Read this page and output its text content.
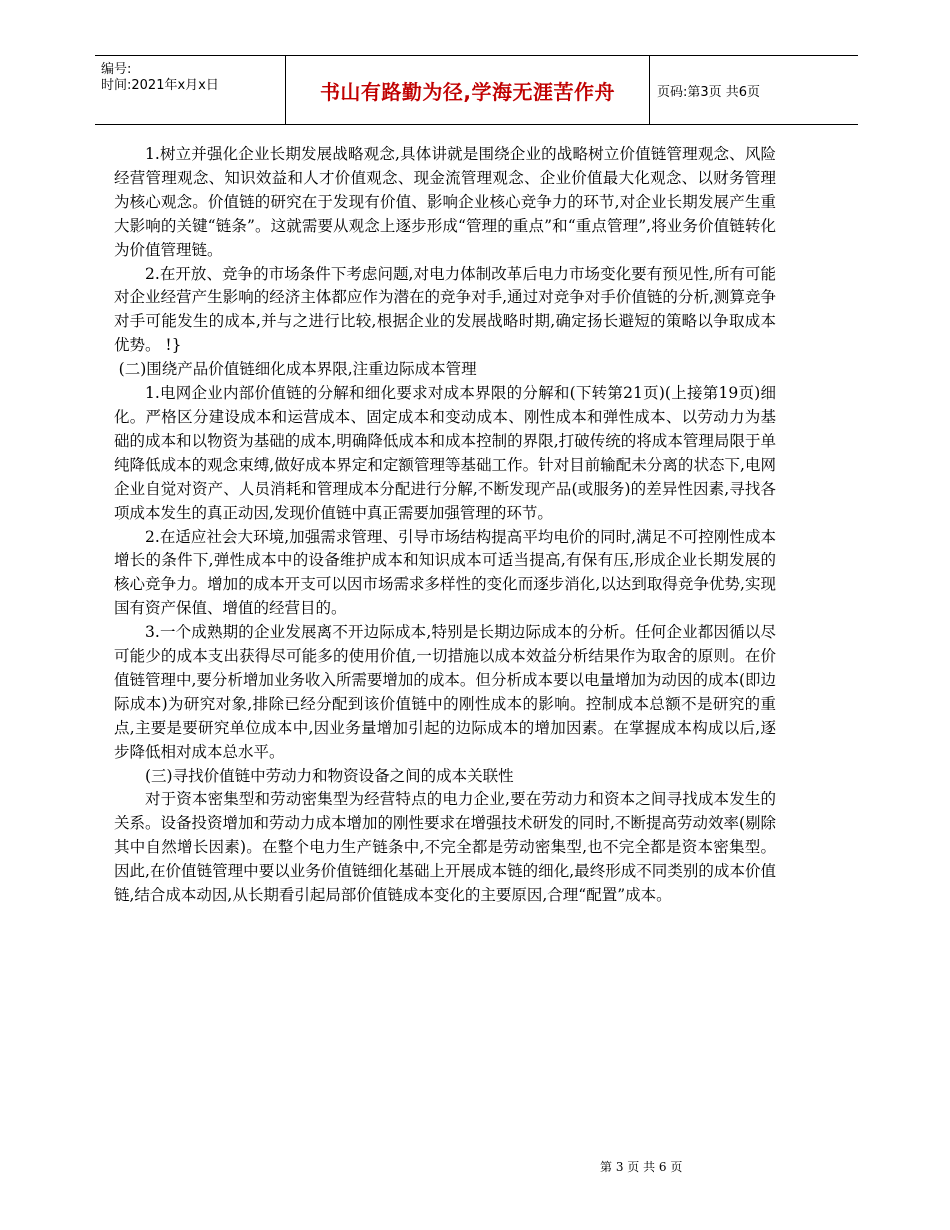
编号:
时间:2021年x月x日	书山有路勤为径,学海无涯苦作舟	页码:第3页 共6页

1.树立并强化企业长期发展战略观念,具体讲就是围绕企业的战略树立价值链管理观念、风险经营管理观念、知识效益和人才价值观念、现金流管理观念、企业价值最大化观念、以财务管理为核心观念。价值链的研究在于发现有价值、影响企业核心竞争力的环节,对企业长期发展产生重大影响的关键“链条”。这就需要从观念上逐步形成“管理的重点”和“重点管理”,将业务价值链转化为价值管理链。

2.在开放、竞争的市场条件下考虑问题,对电力体制改革后电力市场变化要有预见性,所有可能对企业经营产生影响的经济主体都应作为潜在的竞争对手,通过对竞争对手价值链的分析,测算竞争对手可能发生的成本,并与之进行比较,根据企业的发展战略时期,确定扬长避短的策略以争取成本优势。 !}

(二)围绕产品价值链细化成本界限,注重边际成本管理

1.电网企业内部价值链的分解和细化要求对成本界限的分解和(下转第21页)(上接第19页)细化。严格区分建设成本和运营成本、固定成本和变动成本、刚性成本和弹性成本、以劳动力为基础的成本和以物资为基础的成本,明确降低成本和成本控制的界限,打破传统的将成本管理局限于单纯降低成本的观念束缚,做好成本界定和定额管理等基础工作。针对目前输配未分离的状态下,电网企业自觉对资产、人员消耗和管理成本分配进行分解,不断发现产品(或服务)的差异性因素,寻找各项成本发生的真正动因,发现价值链中真正需要加强管理的环节。

2.在适应社会大环境,加强需求管理、引导市场结构提高平均电价的同时,满足不可控刚性成本增长的条件下,弹性成本中的设备维护成本和知识成本可适当提高,有保有压,形成企业长期发展的核心竞争力。增加的成本开支可以因市场需求多样性的变化而逐步消化,以达到取得竞争优势,实现国有资产保值、增值的经营目的。

3.一个成熟期的企业发展离不开边际成本,特别是长期边际成本的分析。任何企业都因循以尽可能少的成本支出获得尽可能多的使用价值,一切措施以成本效益分析结果作为取舍的原则。在价值链管理中,要分析增加业务收入所需要增加的成本。但分析成本要以电量增加为动因的成本(即边际成本)为研究对象,排除已经分配到该价值链中的刚性成本的影响。控制成本总额不是研究的重点,主要是要研究单位成本中,因业务量增加引起的边际成本的增加因素。在掌握成本构成以后,逐步降低相对成本总水平。

(三)寻找价值链中劳动力和物资设备之间的成本关联性

对于资本密集型和劳动密集型为经营特点的电力企业,要在劳动力和资本之间寻找成本发生的关系。设备投资增加和劳动力成本增加的刚性要求在增强技术研发的同时,不断提高劳动效率(剔除其中自然增长因素)。在整个电力生产链条中,不完全都是劳动密集型,也不完全都是资本密集型。因此,在价值链管理中要以业务价值链细化基础上开展成本链的细化,最终形成不同类别的成本价值链,结合成本动因,从长期看引起局部价值链成本变化的主要原因,合理“配置”成本。

第 3 页 共 6 页
